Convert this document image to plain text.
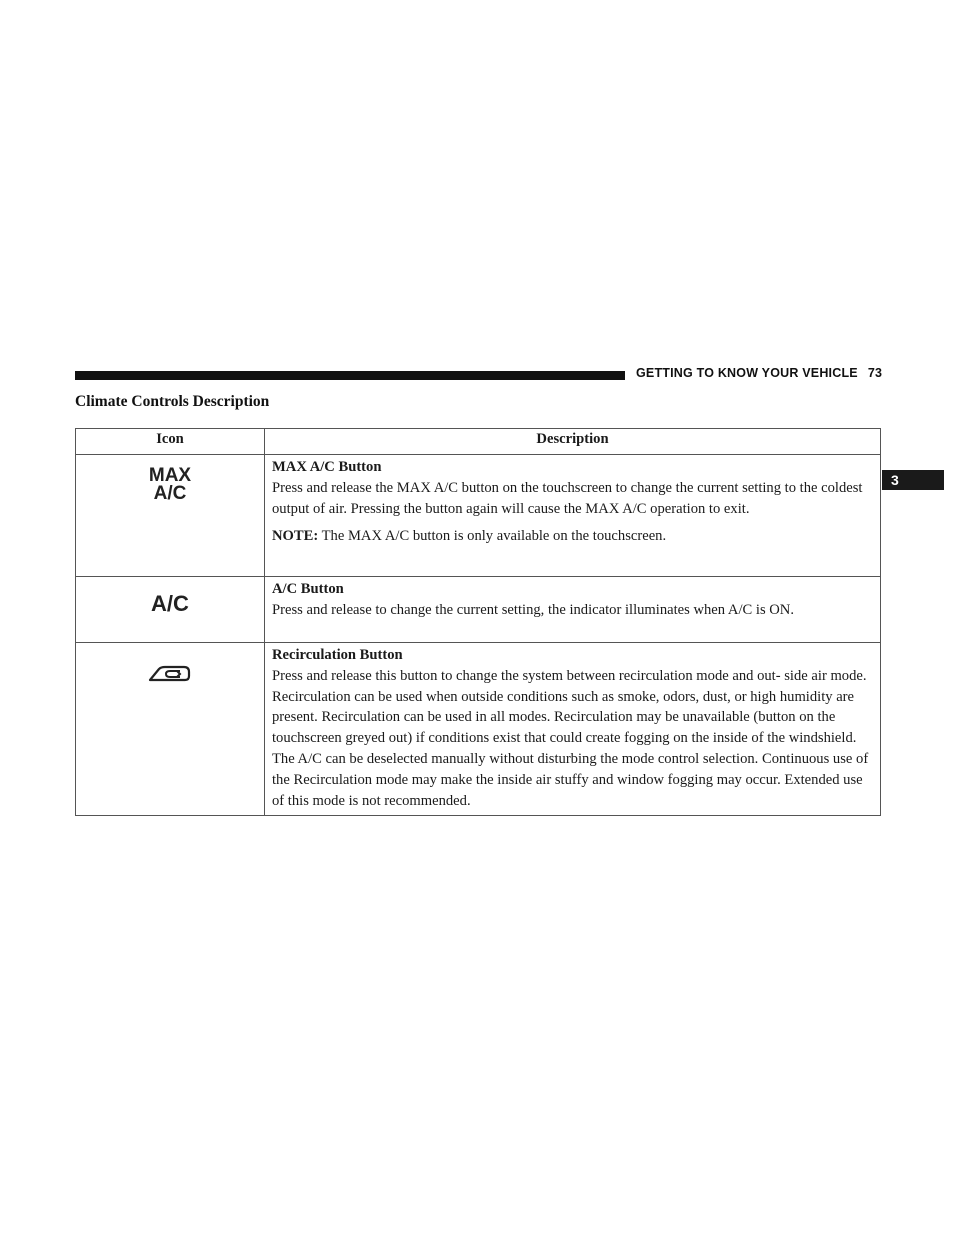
GETTING TO KNOW YOUR VEHICLE 73
3
Climate Controls Description
Icon	Description
MAX
A/C	MAX A/C Button
Press and release the MAX A/C button on the touchscreen to change the current setting to the coldest output of air. Pressing the button again will cause the MAX A/C operation to exit.
NOTE: The MAX A/C button is only available on the touchscreen.

A/C	A/C Button
Press and release to change the current setting, the indicator illuminates when A/C is ON.

Recirculation Button
Press and release this button to change the system between recirculation mode and out- side air mode. Recirculation can be used when outside conditions such as smoke, odors, dust, or high humidity are present. Recirculation can be used in all modes. Recirculation may be unavailable (button on the touchscreen greyed out) if conditions exist that could create fogging on the inside of the windshield. The A/C can be deselected manually without disturbing the mode control selection. Continuous use of the Recirculation mode may make the inside air stuffy and window fogging may occur. Extended use of this mode is not recommended.
